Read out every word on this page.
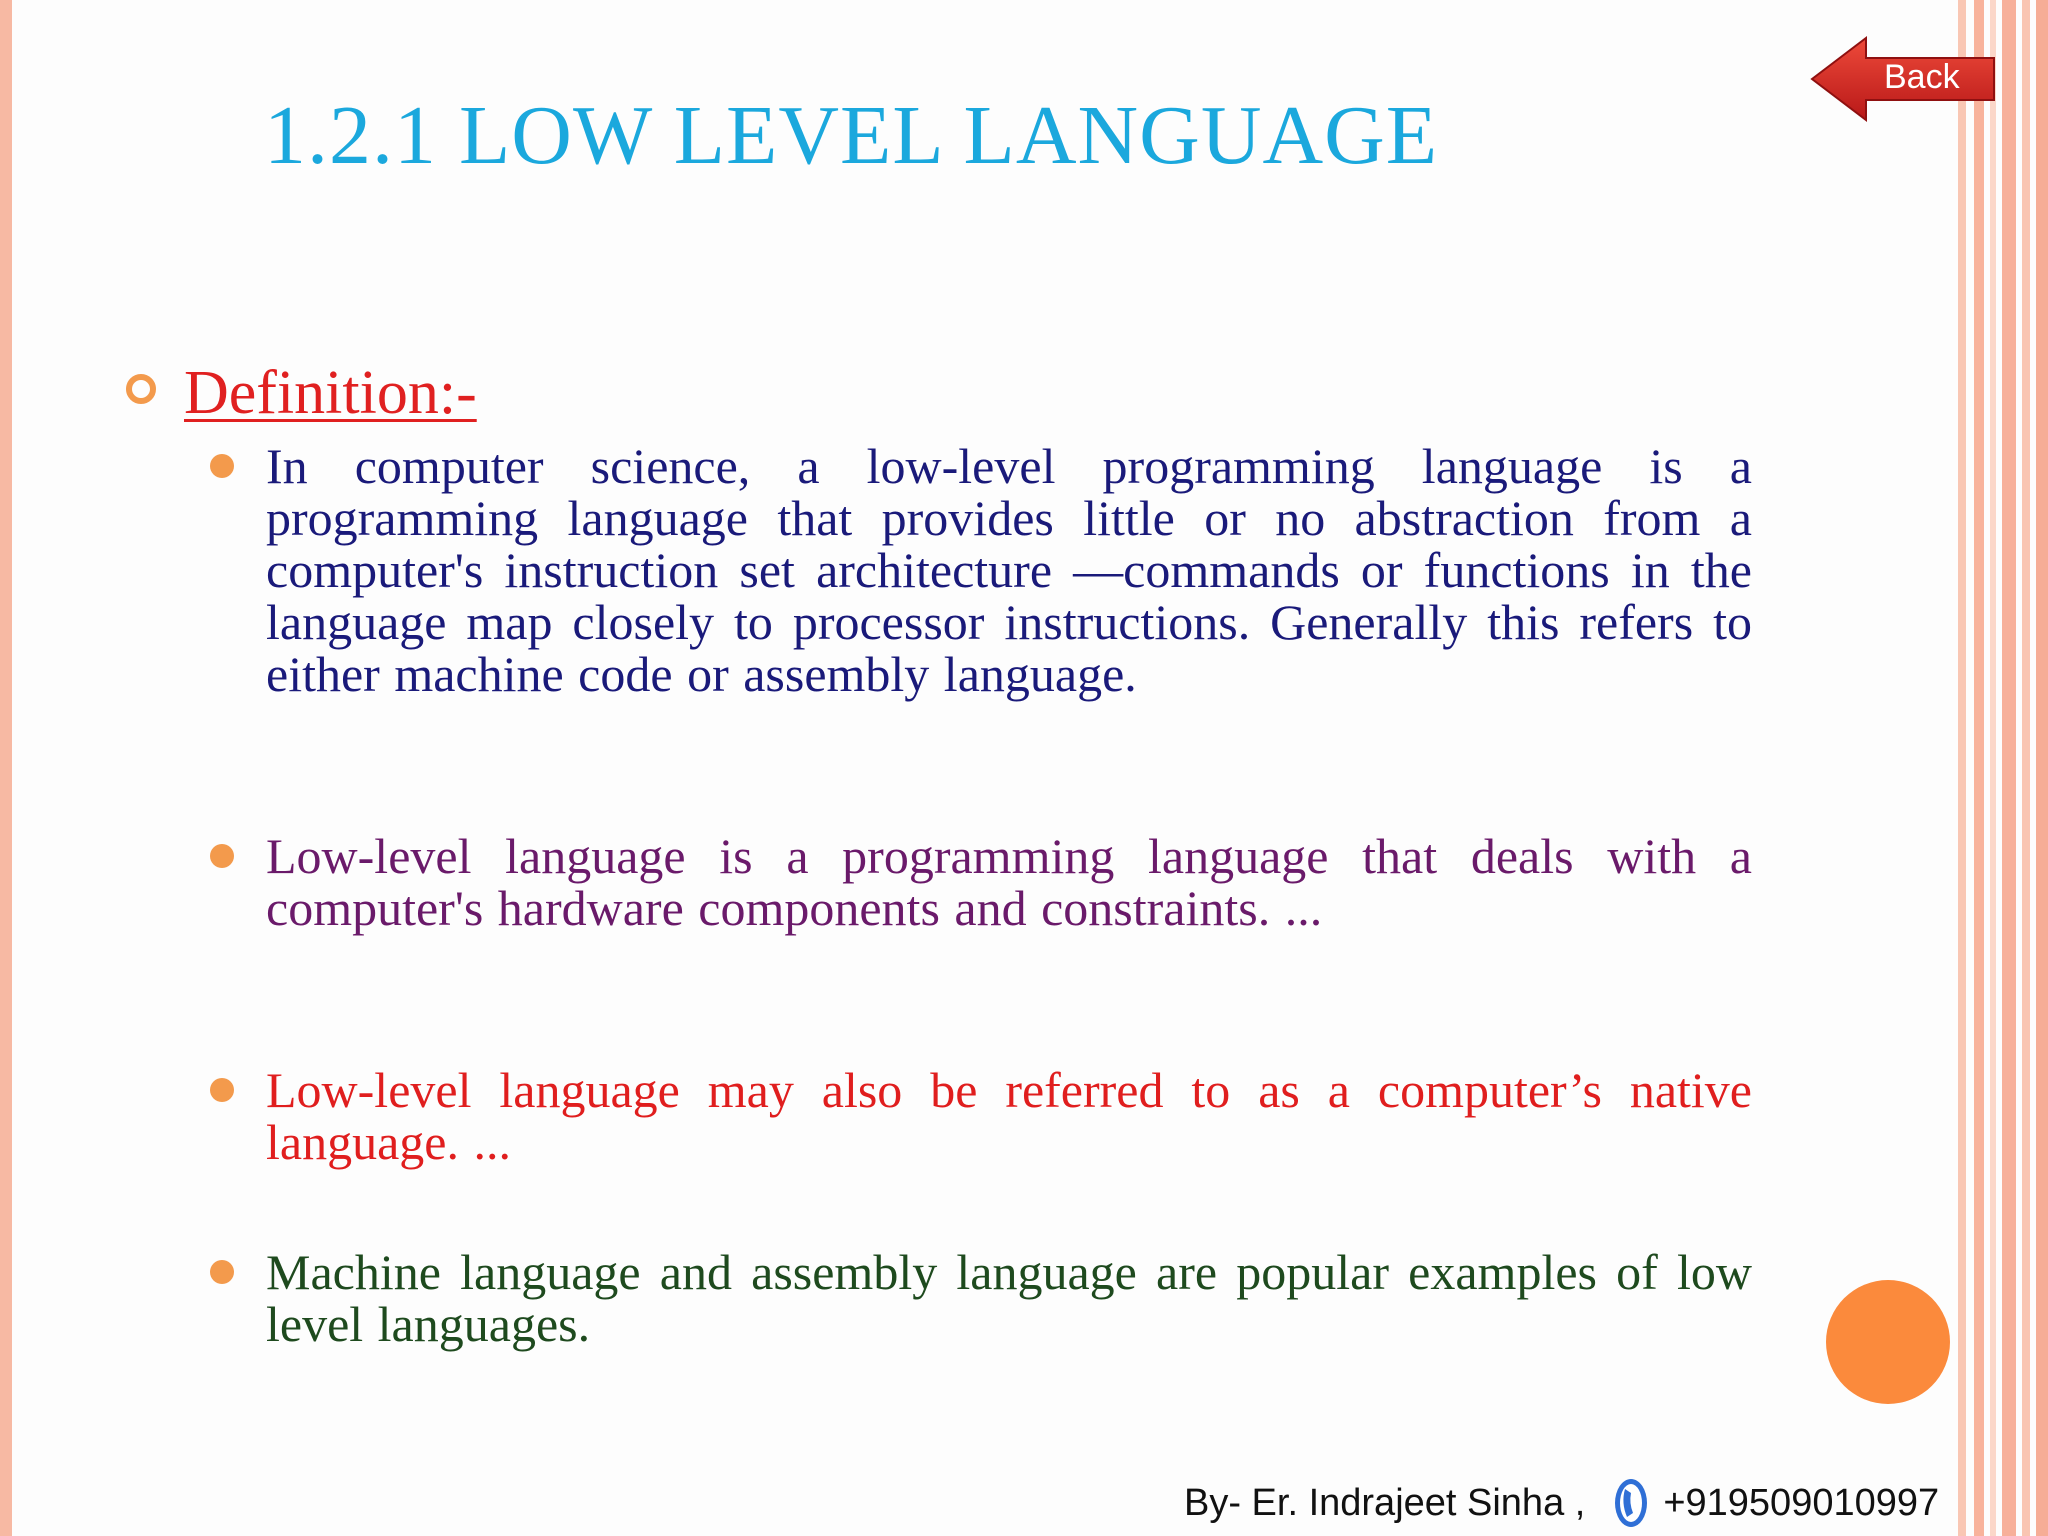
1.2.1 LOW LEVEL LANGUAGE
Back
Definition:-

In computer science, a low-level programming language is a programming language that provides little or no abstraction from a computer's instruction set architecture —commands or functions in the language map closely to processor instructions. Generally this refers to either machine code or assembly language.

Low-level language is a programming language that deals with a computer's hardware components and constraints. ...

Low-level language may also be referred to as a computer’s native language. ...

Machine language and assembly language are popular examples of low level languages.

By- Er. Indrajeet Sinha , +919509010997
